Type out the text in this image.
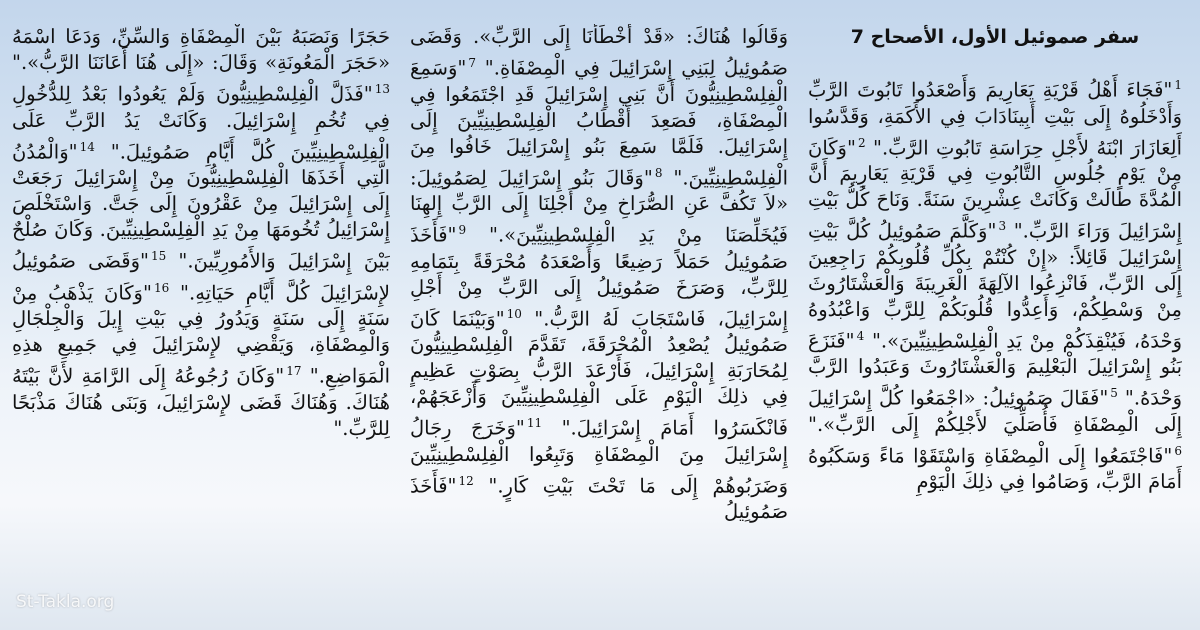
سفر صموئيل الأول، الأصحاح 7
$^1$"فَجَاءَ أَهْلُ قَرْيَةِ يَعَارِيمَ وَأَصْعَدُوا تَابُوتَ الرَّبِّ وَأَدْخَلُوهُ إِلَى بَيْتِ أَبِينَادَابَ فِي الأَكَمَةِ، وَقَدَّسُوا أَلِعَازَارَ ابْنَهُ لأَجْلِ حِرَاسَةِ تَابُوتِ الرَّبِّ." $^2$"وَكَانَ مِنْ يَوْمِ جُلُوسِ التَّابُوتِ فِي قَرْيَةِ يَعَارِيمَ أَنَّ الْمُدَّةَ طَالَتْ وَكَانَتْ عِشْرِينَ سَنَةً. وَنَاحَ كُلُّ بَيْتِ إِسْرَائِيلَ وَرَاءَ الرَّبِّ." $^3$"وَكَلَّمَ صَمُوئِيلُ كُلَّ بَيْتِ إِسْرَائِيلَ قَائِلاً: «إِنْ كُنْتُمْ بِكُلِّ قُلُوبِكُمْ رَاجِعِينَ إِلَى الرَّبِّ، فَانْزِعُوا الآلِهَةَ الْغَرِيبَةَ وَالْعَشْتَارُوثَ مِنْ وَسْطِكُمْ، وَأَعِدُّوا قُلُوبَكُمْ لِلرَّبِّ وَاعْبُدُوهُ وَحْدَهُ، فَيُنْقِذَكُمْ مِنْ يَدِ الْفِلِسْطِينِيِّينَ»." $^4$"فَنَزَعَ بَنُو إِسْرَائِيلَ الْبَعْلِيمَ وَالْعَشْتَارُوثَ وَعَبَدُوا الرَّبَّ وَحْدَهُ." $^5$"فَقَالَ صَمُوئِيلُ: «اجْمَعُوا كُلَّ إِسْرَائِيلَ إِلَى الْمِصْفَاةِ فَأُصَلِّيَ لأَجْلِكُمْ إِلَى الرَّبِّ»." $^6$"فَاجْتَمَعُوا إِلَى الْمِصْفَاةِ وَاسْتَقَوْا مَاءً وَسَكَبُوهُ أَمَامَ الرَّبِّ، وَصَامُوا فِي ذلِكَ الْيَوْمِ
وَقَالُوا هُنَاكَ: «قَدْ أَخْطَأْنَا إِلَى الرَّبِّ». وَقَضَى صَمُوئِيلُ لِبَنِي إِسْرَائِيلَ فِي الْمِصْفَاةِ." $^7$"وَسَمِعَ الْفِلِسْطِينِيُّونَ أَنَّ بَنِي إِسْرَائِيلَ قَدِ اجْتَمَعُوا فِي الْمِصْفَاةِ، فَصَعِدَ أَقْطَابُ الْفِلِسْطِينِيِّينَ إِلَى إِسْرَائِيلَ. فَلَمَّا سَمِعَ بَنُو إِسْرَائِيلَ خَافُوا مِنَ الْفِلِسْطِينِيِّينَ." $^8$"وَقَالَ بَنُو إِسْرَائِيلَ لِصَمُوئِيلَ: «لاَ تَكُفَّ عَنِ الصُّرَاخِ مِنْ أَجْلِنَا إِلَى الرَّبِّ إِلهِنَا فَيُخَلِّصَنَا مِنْ يَدِ الْفِلِسْطِينِيِّينَ»." $^9$"فَأَخَذَ صَمُوئِيلُ حَمَلاً رَضِيعًا وَأَصْعَدَهُ مُحْرَقَةً بِتَمَامِهِ لِلرَّبِّ، وَصَرَخَ صَمُوئِيلُ إِلَى الرَّبِّ مِنْ أَجْلِ إِسْرَائِيلَ، فَاسْتَجَابَ لَهُ الرَّبُّ." $^{10}$"وَبَيْنَمَا كَانَ صَمُوئِيلُ يُصْعِدُ الْمُحْرَقَةَ، تَقَدَّمَ الْفِلِسْطِينِيُّونَ لِمُحَارَبَةِ إِسْرَائِيلَ، فَأَرْعَدَ الرَّبُّ بِصَوْتٍ عَظِيمٍ فِي ذلِكَ الْيَوْمِ عَلَى الْفِلِسْطِينِيِّينَ وَأَزْعَجَهُمْ، فَانْكَسَرُوا أَمَامَ إِسْرَائِيلَ." $^{11}$"وَخَرَجَ رِجَالُ إِسْرَائِيلَ مِنَ الْمِصْفَاةِ وَتَبِعُوا الْفِلِسْطِينِيِّينَ وَضَرَبُوهُمْ إِلَى مَا تَحْتَ بَيْتِ كَارٍ." $^{12}$"فَأَخَذَ صَمُوئِيلُ
حَجَرًا وَنَصَبَهُ بَيْنَ الْمِصْفَاةِ وَالسِّنِّ، وَدَعَا اسْمَهُ «حَجَرَ الْمَعُونَةِ» وَقَالَ: «إِلَى هُنَا أَعَانَنَا الرَّبُّ»." $^{13}$"فَذَلَّ الْفِلِسْطِينِيُّونَ وَلَمْ يَعُودُوا بَعْدُ لِلدُّخُولِ فِي تُخُمِ إِسْرَائِيلَ. وَكَانَتْ يَدُ الرَّبِّ عَلَى الْفِلِسْطِينِيِّينَ كُلَّ أَيَّامِ صَمُوئِيلَ." $^{14}$"وَالْمُدُنُ الَّتِي أَخَذَهَا الْفِلِسْطِينِيُّونَ مِنْ إِسْرَائِيلَ رَجَعَتْ إِلَى إِسْرَائِيلَ مِنْ عَقْرُونَ إِلَى جَتَّ. وَاسْتَخْلَصَ إِسْرَائِيلُ تُخُومَهَا مِنْ يَدِ الْفِلِسْطِينِيِّينَ. وَكَانَ صُلْحٌ بَيْنَ إِسْرَائِيلَ وَالأَمُورِيِّينَ." $^{15}$"وَقَضَى صَمُوئِيلُ لإِسْرَائِيلَ كُلَّ أَيَّامِ حَيَاتِهِ." $^{16}$"وَكَانَ يَذْهَبُ مِنْ سَنَةٍ إِلَى سَنَةٍ وَيَدُورُ فِي بَيْتِ إِيلَ وَالْجِلْجَالِ وَالْمِصْفَاةِ، وَيَقْضِي لإِسْرَائِيلَ فِي جَمِيعِ هذِهِ الْمَوَاضِعِ." $^{17}$"وَكَانَ رُجُوعُهُ إِلَى الرَّامَةِ لأَنَّ بَيْتَهُ هُنَاكَ. وَهُنَاكَ قَضَى لإِسْرَائِيلَ، وَبَنَى هُنَاكَ مَذْبَحًا لِلرَّبِّ."
St-Takla.org
